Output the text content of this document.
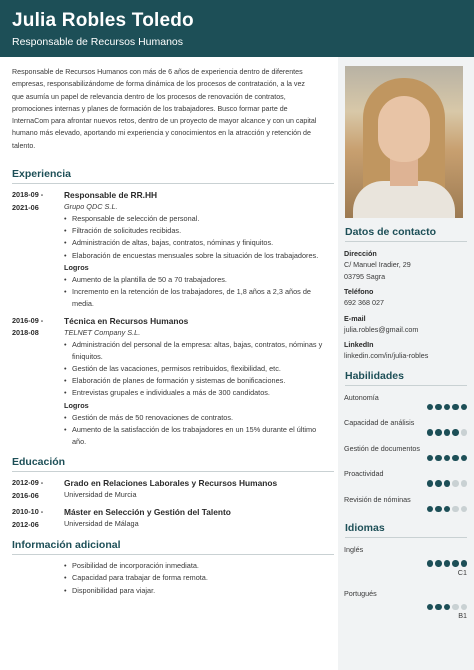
Julia Robles Toledo
Responsable de Recursos Humanos
Responsable de Recursos Humanos con más de 6 años de experiencia dentro de diferentes
empresas, responsabilizándome de forma dinámica de los procesos de contratación, a la vez
que asumía un papel de relevancia dentro de los procesos de renovación de contratos,
promociones internas y planes de formación de los trabajadores. Busco formar parte de
InternaCom para afrontar nuevos retos, dentro de un proyecto de mayor alcance y con un capital
humano más elevado, aportando mi experiencia y conocimientos en la atracción y retención de
talento.
Experiencia
2018-09 -
2021-06
Responsable de RR.HH
Grupo QDC S.L.
• Responsable de selección de personal.
• Filtración de solicitudes recibidas.
• Administración de altas, bajas, contratos, nóminas y finiquitos.
• Elaboración de encuestas mensuales sobre la situación de los trabajadores.
Logros
• Aumento de la plantilla de 50 a 70 trabajadores.
• Incremento en la retención de los trabajadores, de 1,8 años a 2,3 años de
media.
2016-09 -
2018-08
Técnica en Recursos Humanos
TELNET Company S.L.
• Administración del personal de la empresa: altas, bajas, contratos, nóminas y
finiquitos.
• Gestión de las vacaciones, permisos retribuidos, flexibilidad, etc.
• Elaboración de planes de formación y sistemas de bonificaciones.
• Entrevistas grupales e individuales a más de 300 candidatos.
Logros
• Gestión de más de 50 renovaciones de contratos.
• Aumento de la satisfacción de los trabajadores en un 15% durante el último
año.
Educación
2012-09 -
2016-06
Grado en Relaciones Laborales y Recursos Humanos
Universidad de Murcia
2010-10 -
2012-06
Máster en Selección y Gestión del Talento
Universidad de Málaga
Información adicional
• Posibilidad de incorporación inmediata.
• Capacidad para trabajar de forma remota.
• Disponibilidad para viajar.
Datos de contacto
Dirección
C/ Manuel Iradier, 29
03795 Sagra
Teléfono
692 368 027
E-mail
julia.robles@gmail.com
LinkedIn
linkedin.com/in/julia-robles
Habilidades
Autonomía
Capacidad de análisis
Gestión de documentos
Proactividad
Revisión de nóminas
Idiomas
Inglés
C1
Portugués
B1
